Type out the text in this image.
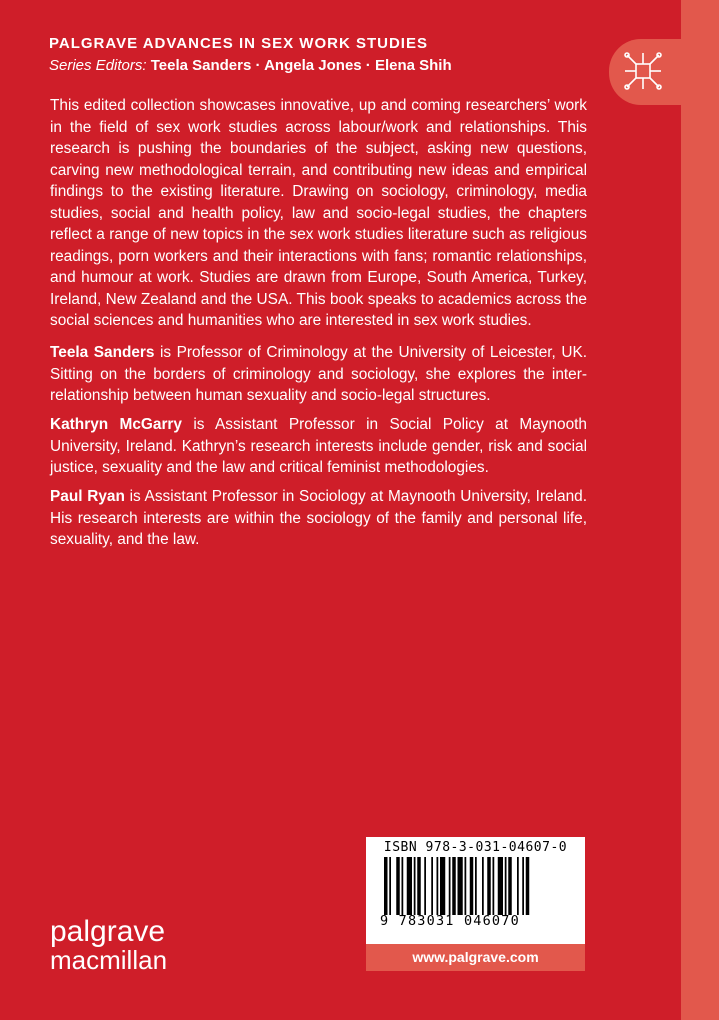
PALGRAVE ADVANCES IN SEX WORK STUDIES
Series Editors: Teela Sanders · Angela Jones · Elena Shih

This edited collection showcases innovative, up and coming researchers’ work in the field of sex work studies across labour/work and relationships. This research is pushing the boundaries of the subject, asking new questions, carving new methodological terrain, and contributing new ideas and empirical findings to the existing literature. Drawing on sociology, criminology, media studies, social and health policy, law and socio-legal studies, the chapters reflect a range of new topics in the sex work studies literature such as religious readings, porn workers and their interactions with fans; romantic relationships, and humour at work. Studies are drawn from Europe, South America, Turkey, Ireland, New Zealand and the USA. This book speaks to academics across the social sciences and humanities who are interested in sex work studies.

Teela Sanders is Professor of Criminology at the University of Leicester, UK. Sitting on the borders of criminology and sociology, she explores the inter-relationship between human sexuality and socio-legal structures.

Kathryn McGarry is Assistant Professor in Social Policy at Maynooth University, Ireland. Kathryn’s research interests include gender, risk and social justice, sexuality and the law and critical feminist methodologies.

Paul Ryan is Assistant Professor in Sociology at Maynooth University, Ireland. His research interests are within the sociology of the family and personal life, sexuality, and the law.

palgrave
macmillan
ISBN 978-3-031-04607-0
9 783031 046070
www.palgrave.com
